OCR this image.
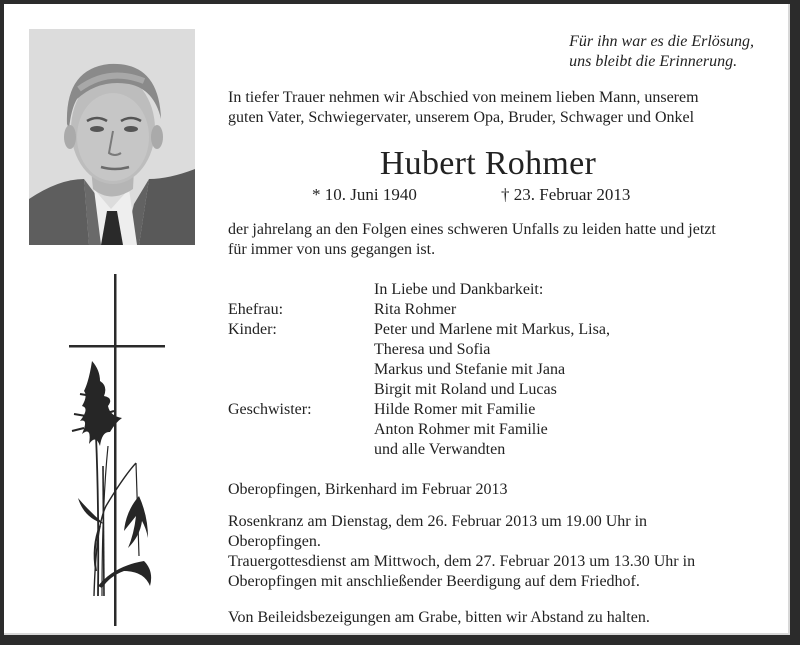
Für ihn war es die Erlösung,
uns bleibt die Erinnerung.
In tiefer Trauer nehmen wir Abschied von meinem lieben Mann, unserem
guten Vater, Schwiegervater, unserem Opa, Bruder, Schwager und Onkel
Hubert Rohmer
* 10. Juni 1940	† 23. Februar 2013
der jahrelang an den Folgen eines schweren Unfalls zu leiden hatte und jetzt
für immer von uns gegangen ist.
In Liebe und Dankbarkeit:
Ehefrau:	Rita Rohmer
Kinder:	Peter und Marlene mit Markus, Lisa,
Theresa und Sofia
Markus und Stefanie mit Jana
Birgit mit Roland und Lucas
Geschwister:	Hilde Romer mit Familie
Anton Rohmer mit Familie
und alle Verwandten
Oberopfingen, Birkenhard im Februar 2013
Rosenkranz am Dienstag, dem 26. Februar 2013 um 19.00 Uhr in
Oberopfingen.
Trauergottesdienst am Mittwoch, dem 27. Februar 2013 um 13.30 Uhr in
Oberopfingen mit anschließender Beerdigung auf dem Friedhof.
Von Beileidsbezeigungen am Grabe, bitten wir Abstand zu halten.
